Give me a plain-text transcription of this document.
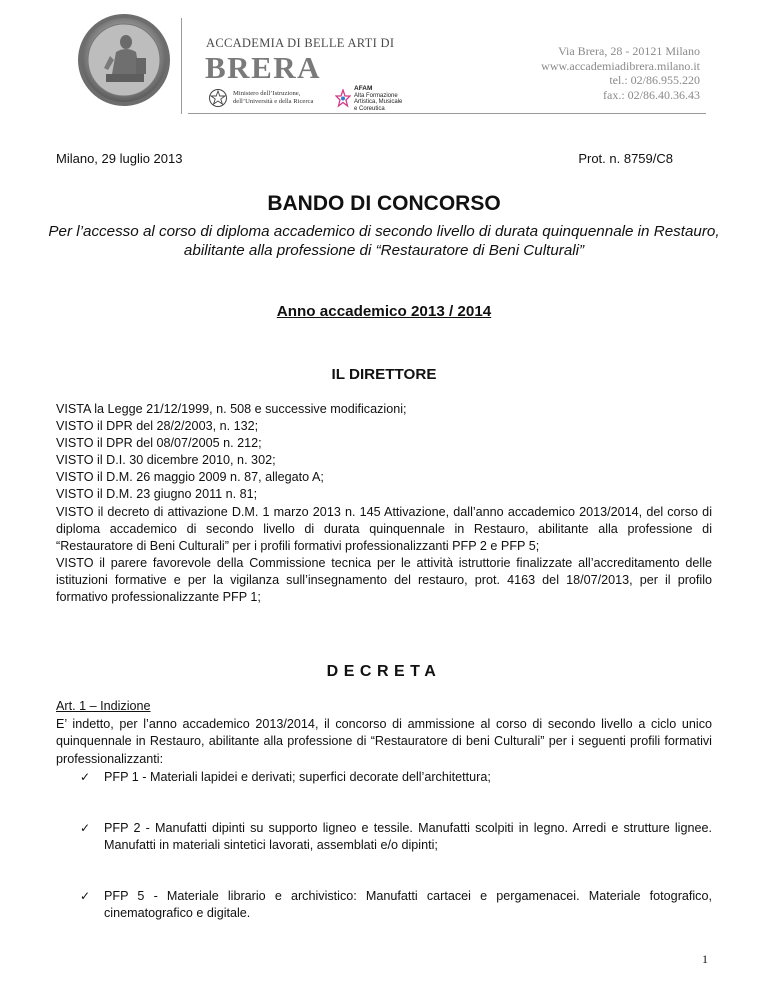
ACCADEMIA DI BELLE ARTI DI
BRERA
Ministero dell’Istruzione,
dell’Università e della Ricerca
AFAM
Alta Formazione
Artistica, Musicale
e Coreutica
Via Brera, 28 - 20121 Milano
www.accademiadibrera.milano.it
tel.: 02/86.955.220
fax.: 02/86.40.36.43
Milano, 29 luglio 2013	Prot. n. 8759/C8
BANDO DI CONCORSO
Per l’accesso al corso di diploma accademico di secondo livello di durata quinquennale in Restauro, abilitante alla professione di “Restauratore di Beni Culturali”
Anno accademico 2013 / 2014
IL DIRETTORE

VISTA la Legge 21/12/1999, n. 508 e successive modificazioni;

VISTO il DPR del 28/2/2003, n. 132;

VISTO il DPR del 08/07/2005 n. 212;

VISTO il D.I. 30 dicembre 2010, n. 302;

VISTO il D.M. 26 maggio 2009 n. 87, allegato A;

VISTO il D.M. 23 giugno 2011 n. 81;

VISTO il decreto di attivazione D.M. 1 marzo 2013 n. 145 Attivazione, dall’anno accademico 2013/2014, del corso di diploma accademico di secondo livello di durata quinquennale in Restauro, abilitante alla professione di “Restauratore di Beni Culturali” per i profili formativi professionalizzanti PFP 2 e PFP 5;

VISTO il parere favorevole della Commissione tecnica per le attività istruttorie finalizzate all’accreditamento delle istituzioni formative e per la vigilanza sull’insegnamento del restauro, prot. 4163 del 18/07/2013, per il profilo formativo professionalizzante PFP 1;

DECRETA
Art. 1 – Indizione
E’ indetto, per l’anno accademico 2013/2014, il concorso di ammissione al corso di secondo livello a ciclo unico quinquennale in Restauro, abilitante alla professione di “Restauratore di beni Culturali” per i seguenti profili formativi professionalizzanti:
✓	PFP 1 - Materiali lapidei e derivati; superfici decorate dell’architettura;
✓	PFP 2 - Manufatti dipinti su supporto ligneo e tessile. Manufatti scolpiti in legno. Arredi e strutture lignee. Manufatti in materiali sintetici lavorati, assemblati e/o dipinti;
✓	PFP 5 - Materiale librario e archivistico: Manufatti cartacei e pergamenacei. Materiale fotografico, cinematografico e digitale.
1
